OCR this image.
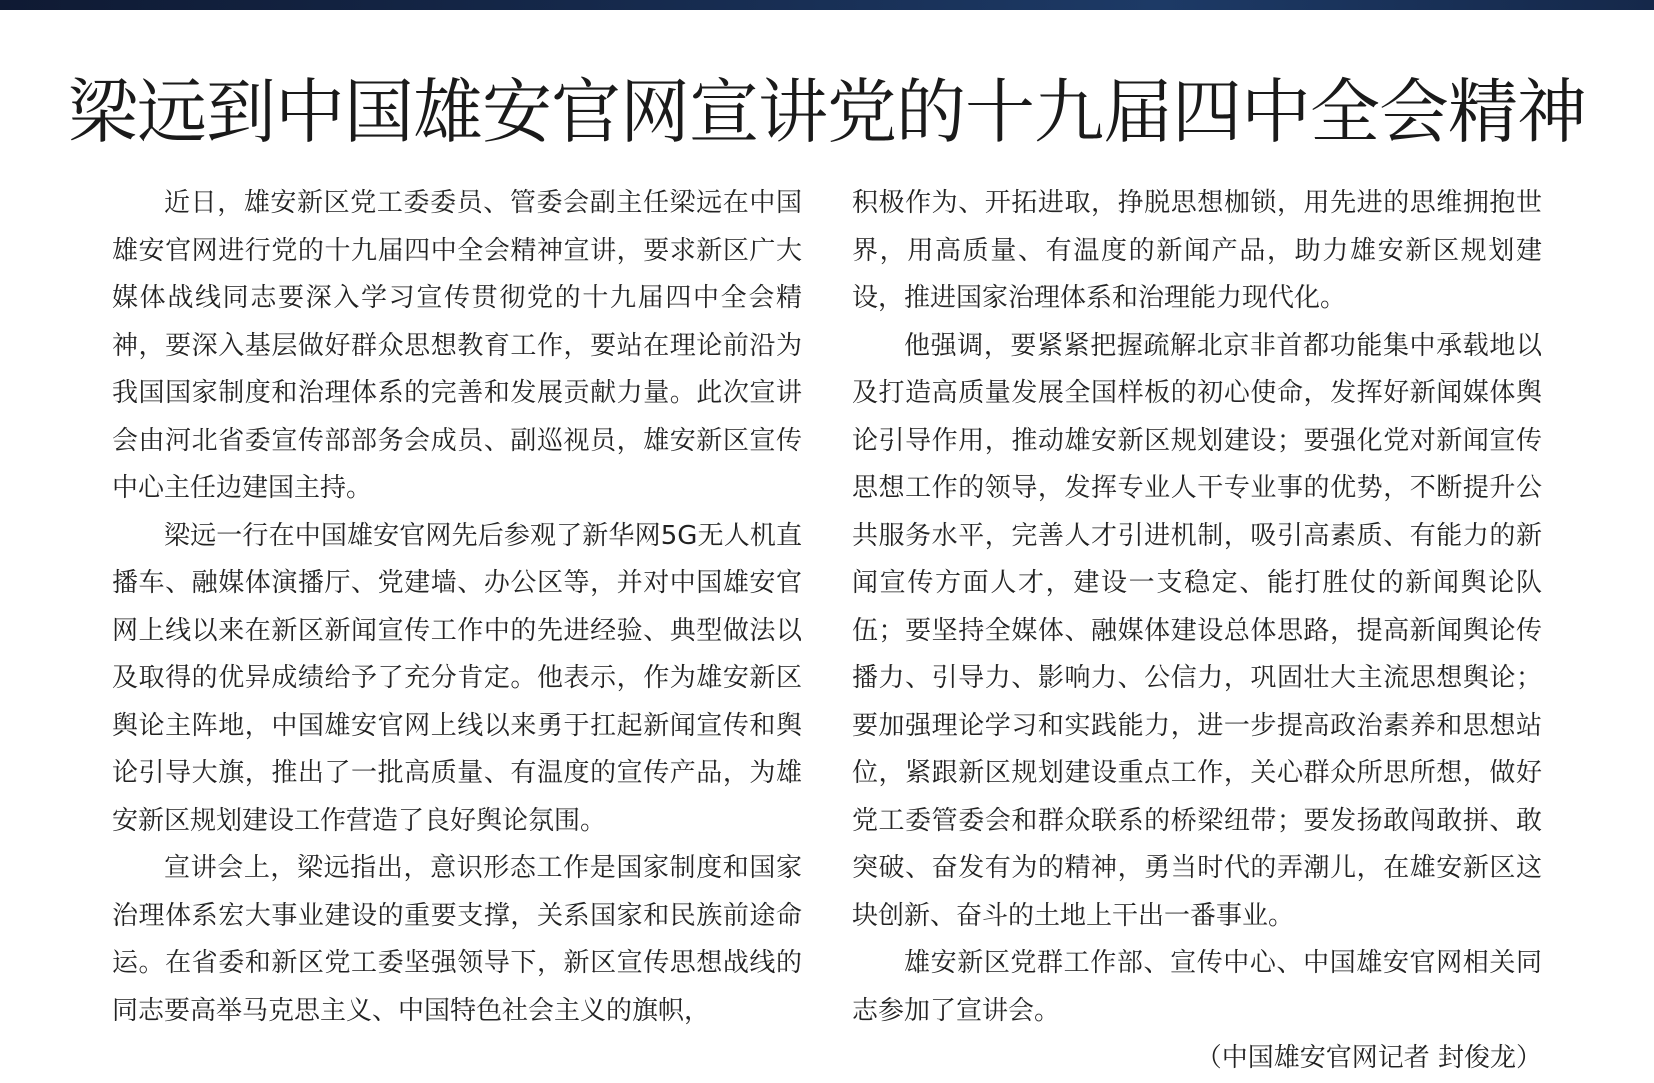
梁远到中国雄安官网宣讲党的十九届四中全会精神

近日，雄安新区党工委委员、管委会副主任梁远在中国雄安官网进行党的十九届四中全会精神宣讲，要求新区广大媒体战线同志要深入学习宣传贯彻党的十九届四中全会精神，要深入基层做好群众思想教育工作，要站在理论前沿为我国国家制度和治理体系的完善和发展贡献力量。此次宣讲会由河北省委宣传部部务会成员、副巡视员，雄安新区宣传中心主任边建国主持。

梁远一行在中国雄安官网先后参观了新华网5G无人机直播车、融媒体演播厅、党建墙、办公区等，并对中国雄安官网上线以来在新区新闻宣传工作中的先进经验、典型做法以及取得的优异成绩给予了充分肯定。他表示，作为雄安新区舆论主阵地，中国雄安官网上线以来勇于扛起新闻宣传和舆论引导大旗，推出了一批高质量、有温度的宣传产品，为雄安新区规划建设工作营造了良好舆论氛围。

宣讲会上，梁远指出，意识形态工作是国家制度和国家治理体系宏大事业建设的重要支撑，关系国家和民族前途命运。在省委和新区党工委坚强领导下，新区宣传思想战线的同志要高举马克思主义、中国特色社会主义的旗帜，

积极作为、开拓进取，挣脱思想枷锁，用先进的思维拥抱世界，用高质量、有温度的新闻产品，助力雄安新区规划建设，推进国家治理体系和治理能力现代化。

他强调，要紧紧把握疏解北京非首都功能集中承载地以及打造高质量发展全国样板的初心使命，发挥好新闻媒体舆论引导作用，推动雄安新区规划建设；要强化党对新闻宣传思想工作的领导，发挥专业人干专业事的优势，不断提升公共服务水平，完善人才引进机制，吸引高素质、有能力的新闻宣传方面人才，建设一支稳定、能打胜仗的新闻舆论队伍；要坚持全媒体、融媒体建设总体思路，提高新闻舆论传播力、引导力、影响力、公信力，巩固壮大主流思想舆论；要加强理论学习和实践能力，进一步提高政治素养和思想站位，紧跟新区规划建设重点工作，关心群众所思所想，做好党工委管委会和群众联系的桥梁纽带；要发扬敢闯敢拼、敢突破、奋发有为的精神，勇当时代的弄潮儿，在雄安新区这块创新、奋斗的土地上干出一番事业。

雄安新区党群工作部、宣传中心、中国雄安官网相关同志参加了宣讲会。

（中国雄安官网记者 封俊龙）
